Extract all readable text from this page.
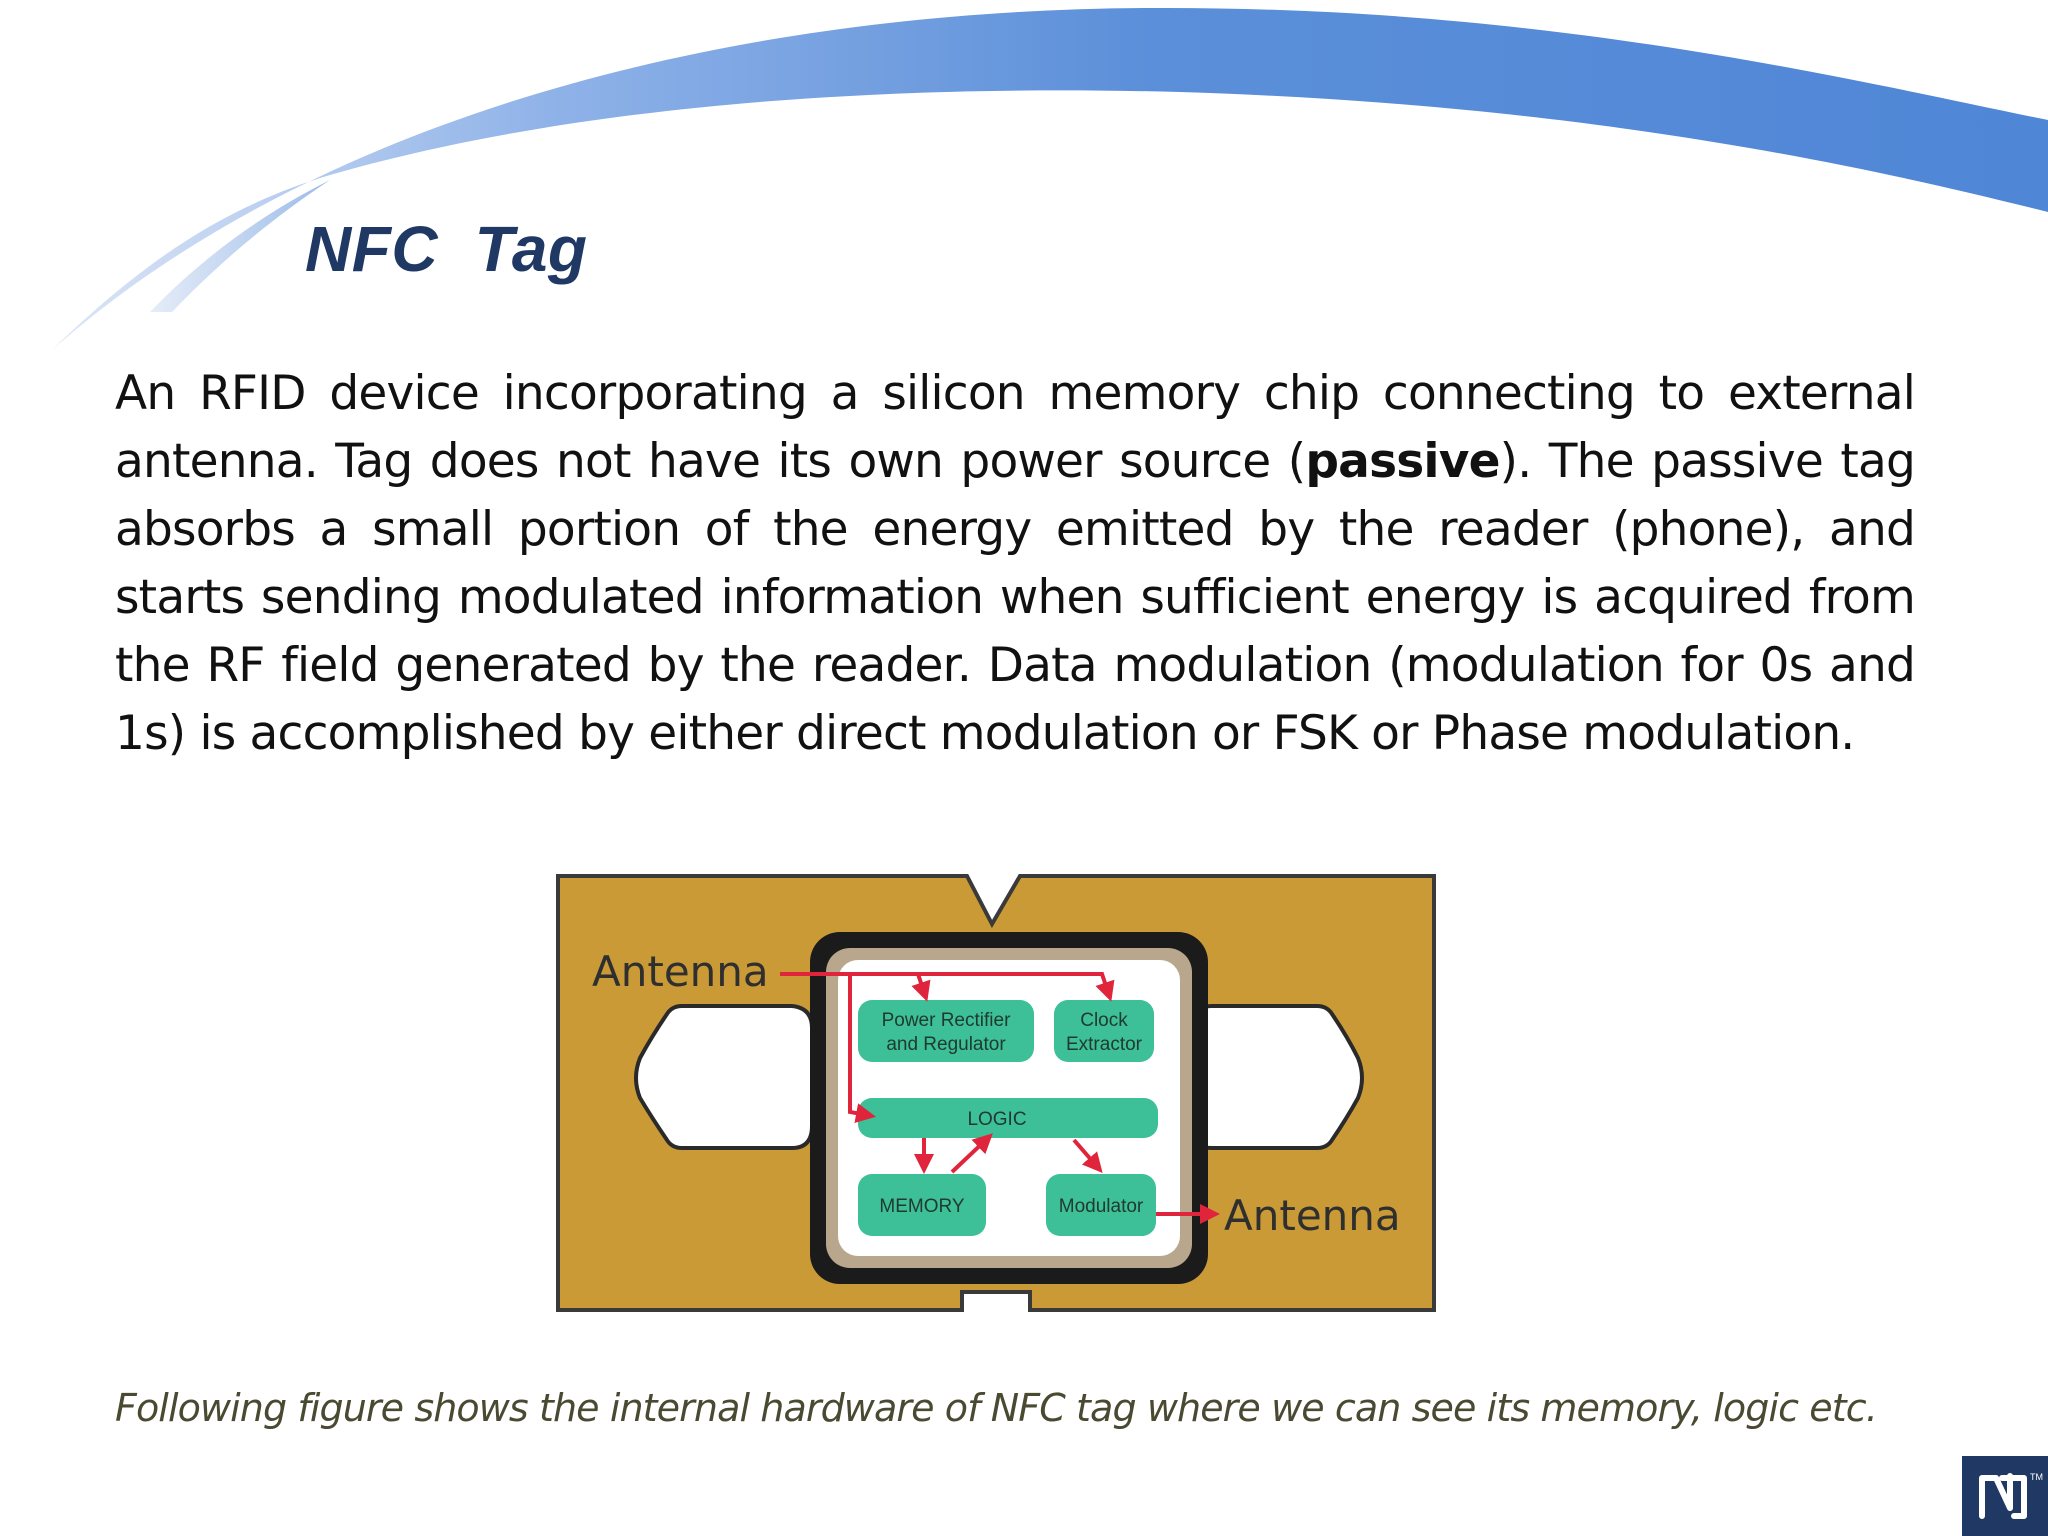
NFC  Tag

An RFID device incorporating a silicon memory chip connecting to external antenna. Tag does not have its own power source (passive). The passive tag absorbs a small portion of the energy emitted by the reader (phone), and starts sending modulated information when sufficient energy is acquired from the RF field generated by the reader. Data modulation (modulation for 0s and 1s) is accomplished by either direct modulation or FSK or Phase modulation.

Power Rectifier
and Regulator
Clock
Extractor
LOGIC
MEMORY	Modulator
Antenna
Antenna

Following figure shows the internal hardware of NFC tag where we can see its memory, logic etc.

TM
